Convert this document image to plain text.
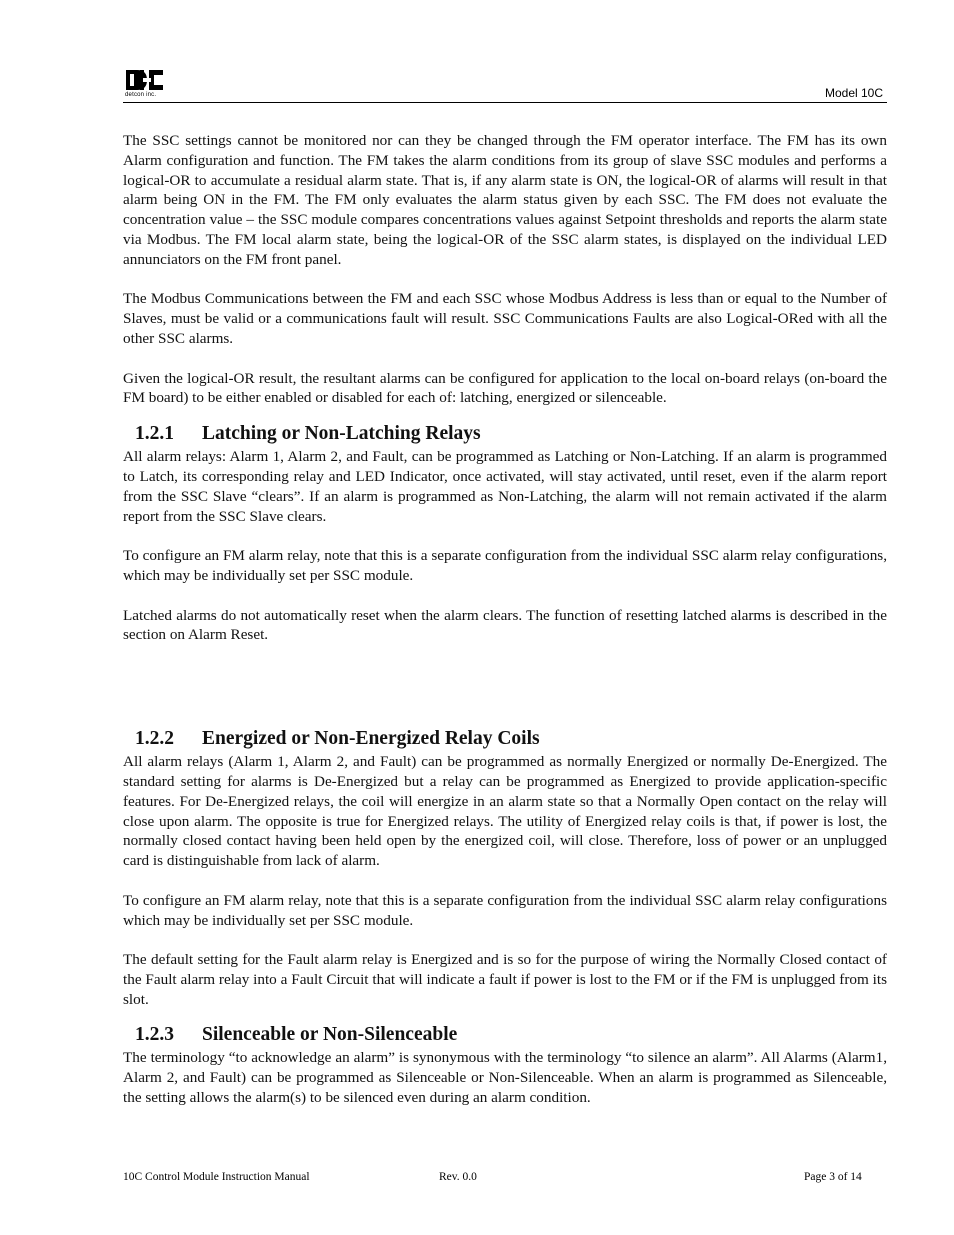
detcon inc.	Model 10C

The SSC settings cannot be monitored nor can they be changed through the FM operator interface. The FM has its own Alarm configuration and function. The FM takes the alarm conditions from its group of slave SSC modules and performs a logical-OR to accumulate a residual alarm state. That is, if any alarm state is ON, the logical-OR of alarms will result in that alarm being ON in the FM. The FM only evaluates the alarm status given by each SSC. The FM does not evaluate the concentration value – the SSC module compares concentrations values against Setpoint thresholds and reports the alarm state via Modbus. The FM local alarm state, being the logical-OR of the SSC alarm states, is displayed on the individual LED annunciators on the FM front panel.

The Modbus Communications between the FM and each SSC whose Modbus Address is less than or equal to the Number of Slaves, must be valid or a communications fault will result. SSC Communications Faults are also Logical-ORed with all the other SSC alarms.

Given the logical-OR result, the resultant alarms can be configured for application to the local on-board relays (on-board the FM board) to be either enabled or disabled for each of: latching, energized or silenceable.

1.2.1 Latching or Non-Latching Relays

All alarm relays: Alarm 1, Alarm 2, and Fault, can be programmed as Latching or Non-Latching. If an alarm is programmed to Latch, its corresponding relay and LED Indicator, once activated, will stay activated, until reset, even if the alarm report from the SSC Slave “clears”. If an alarm is programmed as Non-Latching, the alarm will not remain activated if the alarm report from the SSC Slave clears.

To configure an FM alarm relay, note that this is a separate configuration from the individual SSC alarm relay configurations, which may be individually set per SSC module.

Latched alarms do not automatically reset when the alarm clears. The function of resetting latched alarms is described in the section on Alarm Reset.

1.2.2 Energized or Non-Energized Relay Coils

All alarm relays (Alarm 1, Alarm 2, and Fault) can be programmed as normally Energized or normally De-Energized. The standard setting for alarms is De-Energized but a relay can be programmed as Energized to provide application-specific features. For De-Energized relays, the coil will energize in an alarm state so that a Normally Open contact on the relay will close upon alarm. The opposite is true for Energized relays. The utility of Energized relay coils is that, if power is lost, the normally closed contact having been held open by the energized coil, will close. Therefore, loss of power or an unplugged card is distinguishable from lack of alarm.

To configure an FM alarm relay, note that this is a separate configuration from the individual SSC alarm relay configurations which may be individually set per SSC module.

The default setting for the Fault alarm relay is Energized and is so for the purpose of wiring the Normally Closed contact of the Fault alarm relay into a Fault Circuit that will indicate a fault if power is lost to the FM or if the FM is unplugged from its slot.

1.2.3 Silenceable or Non-Silenceable

The terminology “to acknowledge an alarm” is synonymous with the terminology “to silence an alarm”. All Alarms (Alarm1, Alarm 2, and Fault) can be programmed as Silenceable or Non-Silenceable. When an alarm is programmed as Silenceable, the setting allows the alarm(s) to be silenced even during an alarm condition.

10C Control Module Instruction Manual	Rev. 0.0	Page 3 of 14
